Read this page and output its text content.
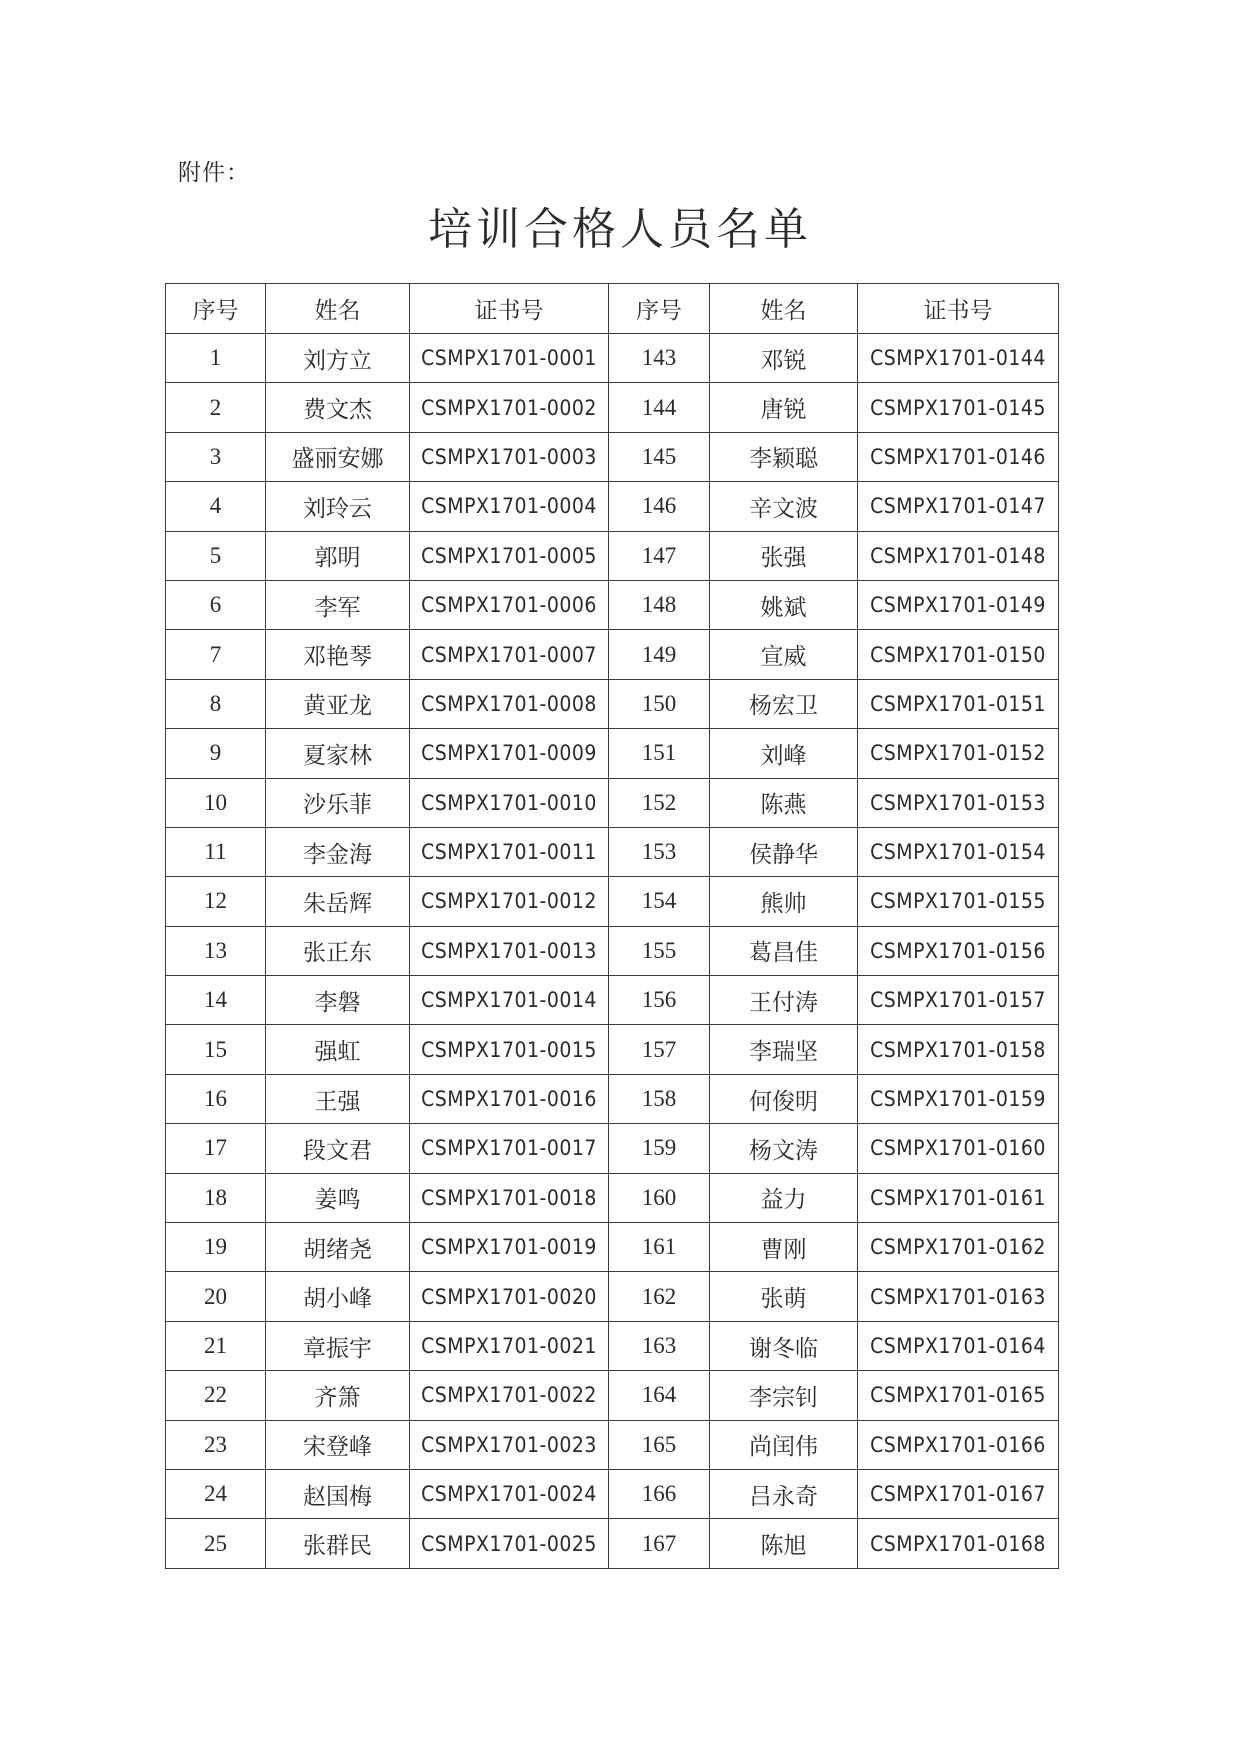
附件：

培训合格人员名单
序号	姓名	证书号	序号	姓名	证书号
1	刘方立	CSMPX1701-0001	143	邓锐	CSMPX1701-0144
2	费文杰	CSMPX1701-0002	144	唐锐	CSMPX1701-0145
3	盛丽安娜	CSMPX1701-0003	145	李颖聪	CSMPX1701-0146
4	刘玲云	CSMPX1701-0004	146	辛文波	CSMPX1701-0147
5	郭明	CSMPX1701-0005	147	张强	CSMPX1701-0148
6	李军	CSMPX1701-0006	148	姚斌	CSMPX1701-0149
7	邓艳琴	CSMPX1701-0007	149	宣威	CSMPX1701-0150
8	黄亚龙	CSMPX1701-0008	150	杨宏卫	CSMPX1701-0151
9	夏家林	CSMPX1701-0009	151	刘峰	CSMPX1701-0152
10	沙乐菲	CSMPX1701-0010	152	陈燕	CSMPX1701-0153
11	李金海	CSMPX1701-0011	153	侯静华	CSMPX1701-0154
12	朱岳辉	CSMPX1701-0012	154	熊帅	CSMPX1701-0155
13	张正东	CSMPX1701-0013	155	葛昌佳	CSMPX1701-0156
14	李磐	CSMPX1701-0014	156	王付涛	CSMPX1701-0157
15	强虹	CSMPX1701-0015	157	李瑞坚	CSMPX1701-0158
16	王强	CSMPX1701-0016	158	何俊明	CSMPX1701-0159
17	段文君	CSMPX1701-0017	159	杨文涛	CSMPX1701-0160
18	姜鸣	CSMPX1701-0018	160	益力	CSMPX1701-0161
19	胡绪尧	CSMPX1701-0019	161	曹刚	CSMPX1701-0162
20	胡小峰	CSMPX1701-0020	162	张萌	CSMPX1701-0163
21	章振宇	CSMPX1701-0021	163	谢冬临	CSMPX1701-0164
22	齐箫	CSMPX1701-0022	164	李宗钊	CSMPX1701-0165
23	宋登峰	CSMPX1701-0023	165	尚闰伟	CSMPX1701-0166
24	赵国梅	CSMPX1701-0024	166	吕永奇	CSMPX1701-0167
25	张群民	CSMPX1701-0025	167	陈旭	CSMPX1701-0168
